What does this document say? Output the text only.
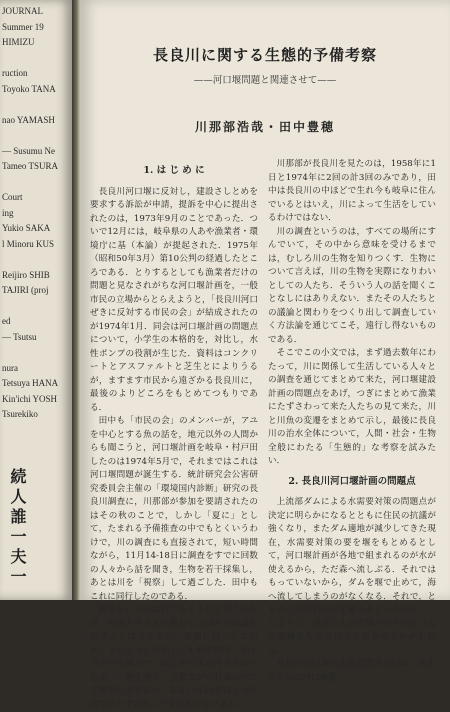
JOURNAL
Summer 19
HIMIZU
ruction
Toyoko TANA
nao YAMASH
— Susumu Ne
Tameo TSURA
Court
ing
Yukio SAKA
l Minoru KUS
Reijiro SHIB
TAJIRI (proj
ed
— Tsutsu
nura
Tetsuya HANA
Kin'ichi YOSH
Tsurekiko
続人誰一夫一
長良川に関する生態的予備考察
——河口堰問題と関連させて——
川那部浩哉・田中豊穂
1. は じ め に

長良川河口堰に反対し，建設さしとめを要求する訴訟が申請，提訴を中心に提出されたのは，1973年9月のことであった．ついで12月には，岐阜県の人あや漁業者・環境庁に基（本論）が提起された．1975年（昭和50年3月）第10公判の経過したところである．とりするとしても漁業者だけの問題と見なされがちな河口堰計画を，一般市民の立場からとらえようと，「長良川河口ぜきに反対する市民の会」が結成されたのが1974年1月．同会は河口堰計画の問題点について，小学生の本格的を，対比し，水性ポンプの役割が生じた．資料はコンクリートとアスファルトと芝生とによりうるが，ますます市民から遠ざかる長良川に，最後のよりどころをもとめてつもりである．

田中も「市民の会」のメンバーが，アユを中心とする魚の話を，地元以外の人間からも聞こうと，河口堰計画を岐阜・村戸田したのは1974年5月で，それまではこれは河口堰問題が誕生する．統計研究会公害研究委員会主催の「環境国内診断」研究の長良川調査に，川那部が参加を要請されたのはその秋のことで，しかし「夏に」として，たまれる予備推査の中でもとくいうわけで，川の調査にも直接されて，短い時間ながら，11月14-18日に調査をすでに回数の人々から話を聞き，生物を若干採集し，あとは川を「視察」して過ごした．田中もこれに同行したのである．

科学というのは何でもそうだと思うのだが，時間と手と人の数なしにはその結論を出すことはできない．最初に行ったこのか，どのように区別しても科学的を，不十分か不正確かで，はじめて求め得るものである．一般生物も，当然ながら日本の中で生態学に手を染め，あるいは10年ほどは産生学にたずさわって来た私どもである．

川那部が長良川を見たのは，1958年に1日と1974年に2回の計3回のみであり，田中は長良川の中ほどで生れ今も岐阜に住んでいるとはいえ，川によって生活をしているわけではない．

川の調査というのは，すべての場所にすんでいて，その中から意味を受けるまでは，むしろ川の生物を知りつくす．生物について言えば，川の生物を実際になりわいとしての人たち．そういう人の話を聞くことなしにはありえない．またその人たちとの議論と関わりをつくり出して調査していく方法論を通じてこそ，遠行し得ないものである．

そこでこの小文では，まず過去数年にわたって，川に関係して生活している人々との調査を通じてまとめて来た，河口堰建設計画の問題点をあげ，つぎにまとめて漁業にたずさわって来た人たちの見て来た，川と川魚の変遷をまとめて示し，最後に長良川の治水全体について，人間・社会・生物全般にわたる「生態的」な考察を試みたい．

2. 長良川河口堰計画の問題点

上流部ダムによる水需要対策の問題点が決定に明らかになるとともに住民の抗議が強くなり，またダム適地が減少してきた現在，水需要対策の要を堰をもとめるとして，河口堰計画が各地で組まれるのが水が使えるから，ただ森へ流しぶる．それではもっていないから，ダムを堰で止めて，海へ流してしまうのがなくなる．それで，ともかく経済的に水を蓄えるというのは，このように，地方に人の立場からそのような水利権をもちつけるものかもうかがわれる．

長良川河口堰の水資源開発公団は，治水のために河口堰建
